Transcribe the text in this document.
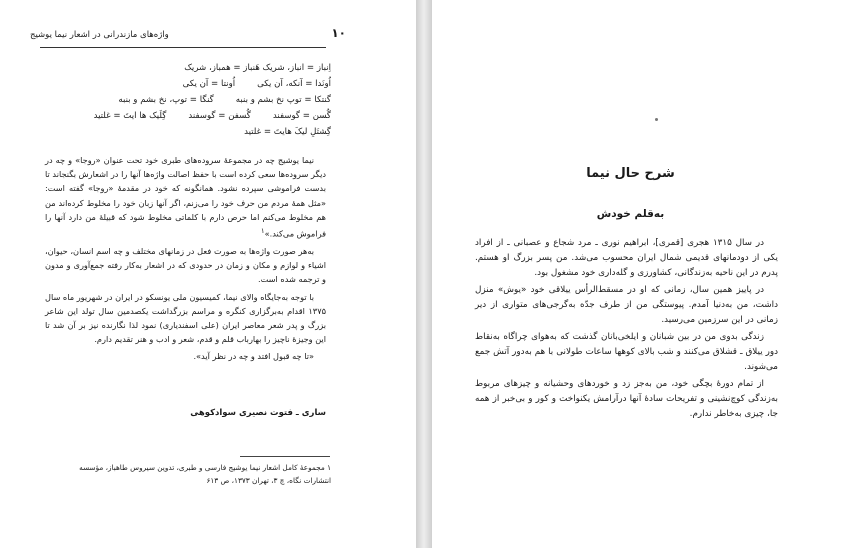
۱۰
واژه‌های مازندرانی در اشعار نیما یوشیج
اِنباز = انباز، شریک هَنباز = همباز، شریک
اُونَدا = آنکه، آن یکی
اُونتا = آن یکی
گنتکا = توپ نخ بشم و بنبه
گنگا = توپ، نخ بشم و بنبه
گُسن = گوسفند
گُسفن = گوسفند
گِلَیک ها ایتَ = غلتید
گِشتَلِ لیکَ هایتَ = غلتید

نیما یوشیج چه در مجموعهٔ سروده‌های طبری خود تحت عنوان «روجا» و چه در دیگر سروده‌ها سعی کرده است با حفظ اصالت واژه‌ها آنها را در اشعارش بگنجاند تا بدست فراموشی سپرده نشود. همانگونه که خود در مقدمهٔ «روجا» گفته است: «مثل همهٔ مردم من حرف خود را می‌زنم، اگر آنها زبان خود را مخلوط کرده‌اند من هم مخلوط می‌کنم اما حرص دارم با کلماتی مخلوط شود که قبیلهٔ من دارد آنها را فراموش می‌کند.»۱

به‌هر صورت واژه‌ها به صورت فعل در زمانهای مختلف و چه اسم انسان، حیوان، اشیاء و لوازم و مکان و زمان در حدودی که در اشعار به‌کار رفته جمع‌آوری و مدون و ترجمه شده است.

با توجه به‌جایگاه والای نیما، کمیسیون ملی یونسکو در ایران در شهریور ماه سال ۱۳۷۵ اقدام به‌برگزاری کنگره و مراسم بزرگداشت یکصدمین سال تولد این شاعر بزرگ و پدر شعر معاصر ایران (علی اسفندیاری) نمود لذا نگارنده نیز بر آن شد تا این وجیزهٔ ناچیز را بهارباب قلم و قدم، شعر و ادب و هنر تقدیم دارم.

«تا چه قبول افتد و چه در نظر آید».

ساری ـ فتوت نصیری سوادکوهی
۱ مجموعهٔ کامل اشعار نیما یوشیج فارسی و طبری، تدوین سیروس طاهباز، مؤسسه انتشارات نگاه، چ ۳، تهران ۱۳۷۳، ص ۶۱۳
شرح حال نیما
به‌قلم خودش

در سال ۱۳۱۵ هجری [قمری]، ابراهیم نوری ـ مرد شجاع و عصبانی ـ از افراد یکی از دودمانهای قدیمی شمال ایران محسوب می‌شد. من پسر بزرگ او هستم. پدرم در این ناحیه به‌زندگانی، کشاورزی و گله‌داری خود مشغول بود.

در پاییز همین سال، زمانی که او در مسقط‌الرأس ییلاقی خود «یوش» منزل داشت، من به‌دنیا آمدم. پیوستگی من از طرف جدّه به‌گرجی‌های متواری از دیر زمانی در این سرزمین می‌رسید.

زندگی بدوی من در بین شبانان و ایلخی‌بانان گذشت که به‌هوای چراگاه به‌نقاط دور ییلاق ـ قشلاق می‌کنند و شب بالای کوهها ساعات طولانی با هم به‌دور آتش جمع می‌شوند.

از تمام دورهٔ بچگی خود، من به‌جز زد و خوردهای وحشیانه و چیزهای مربوط به‌زندگی کوچ‌نشینی و تفریحات سادهٔ آنها درآرامش یکنواخت و کور و بی‌خبر از همه جا، چیزی به‌خاطر ندارم.
